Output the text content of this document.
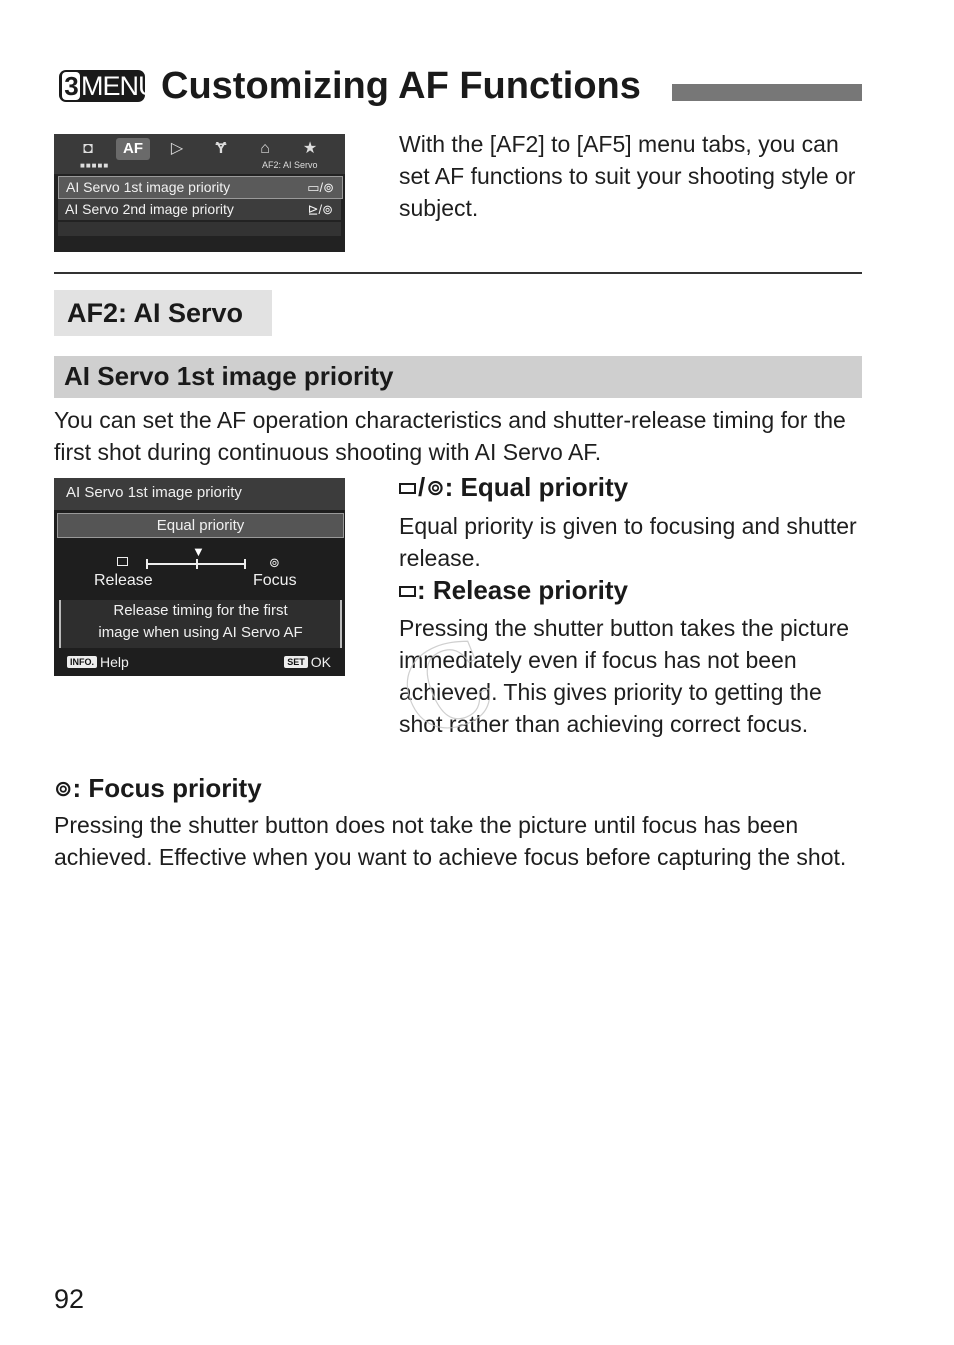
3 MENU Customizing AF Functions
◘	AF	▷	Ɏ	⌂	★
■■■■■	AF2: AI Servo
AI Servo 1st image priority	▭/⊚
AI Servo 2nd image priority	⊵/⊚

With the [AF2] to [AF5] menu tabs, you can set AF functions to suit your shooting style or subject.

AF2: AI Servo
AI Servo 1st image priority

You can set the AF operation characteristics and shutter-release timing for the first shot during continuous shooting with AI Servo AF.

AI Servo 1st image priority
Equal priority
▼
⊚
Release	Focus
Release timing for the first
image when using AI Servo AF
INFO. Help	SET OK
/⊚: Equal priority

Equal priority is given to focusing and shutter release.

: Release priority

Pressing the shutter button takes the picture immediately even if focus has not been achieved. This gives priority to getting the shot rather than achieving correct focus.

C
⊚: Focus priority

Pressing the shutter button does not take the picture until focus has been achieved. Effective when you want to achieve focus before capturing the shot.

92
